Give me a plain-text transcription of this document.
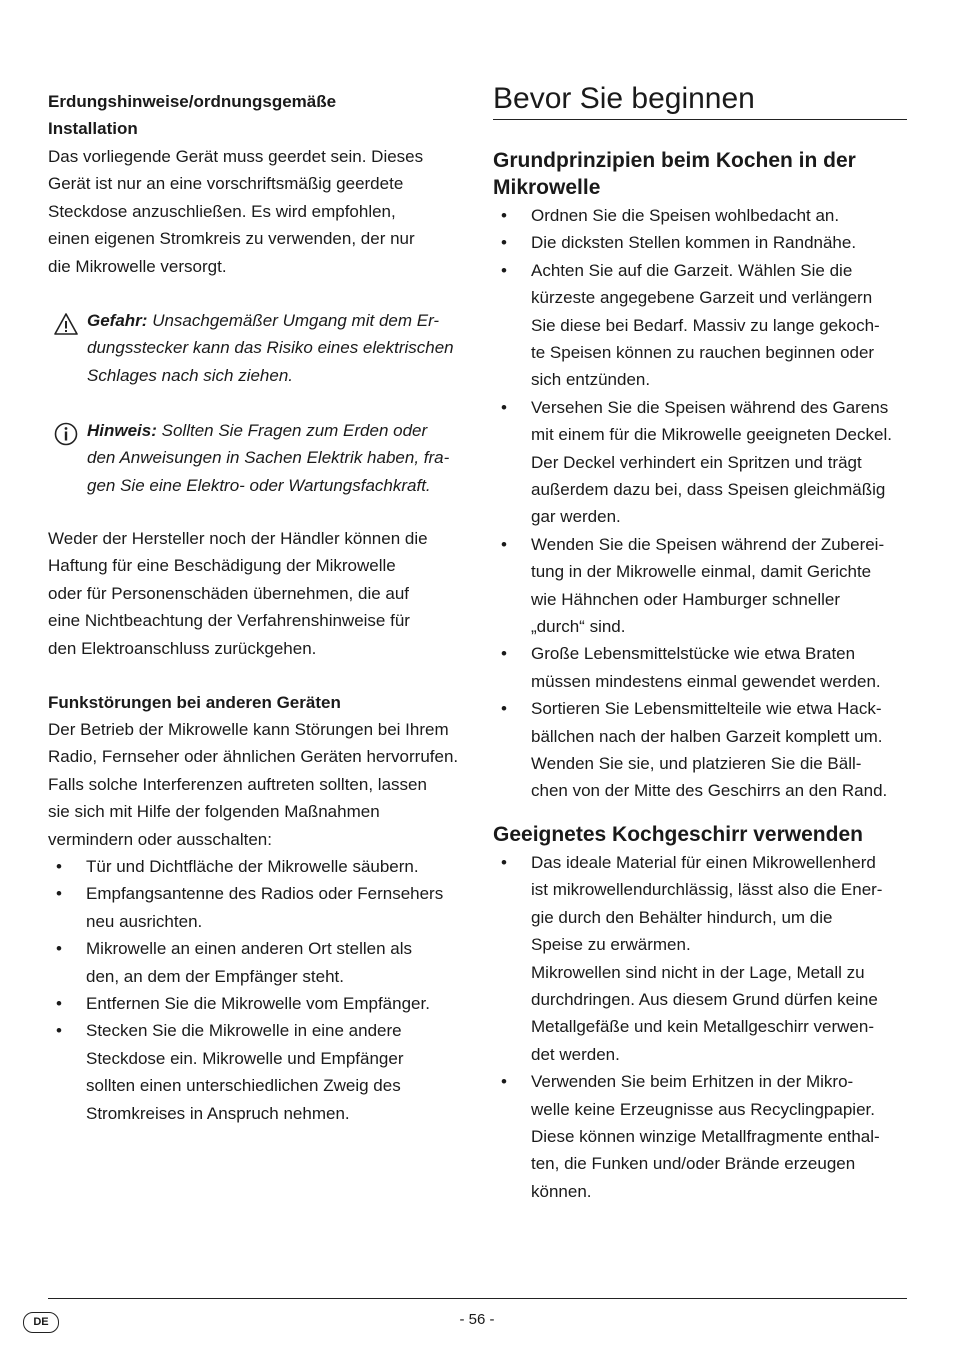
Erdungshinweise/ordnungsgemäße
Installation
Das vorliegende Gerät muss geerdet sein. Dieses
Gerät ist nur an eine vorschriftsmäßig geerdete
Steckdose anzuschließen. Es wird empfohlen,
einen eigenen Stromkreis zu verwenden, der nur
die Mikrowelle versorgt.
Gefahr: Unsachgemäßer Umgang mit dem Er-
dungsstecker kann das Risiko eines elektrischen
Schlages nach sich ziehen.
Hinweis: Sollten Sie Fragen zum Erden oder
den Anweisungen in Sachen Elektrik haben, fra-
gen Sie eine Elektro- oder Wartungsfachkraft.
Weder der Hersteller noch der Händler können die
Haftung für eine Beschädigung der Mikrowelle
oder für Personenschäden übernehmen, die auf
eine Nichtbeachtung der Verfahrenshinweise für
den Elektroanschluss zurückgehen.
Funkstörungen bei anderen Geräten
Der Betrieb der Mikrowelle kann Störungen bei Ihrem
Radio, Fernseher oder ähnlichen Geräten hervorrufen.
Falls solche Interferenzen auftreten sollten, lassen
sie sich mit Hilfe der folgenden Maßnahmen
vermindern oder ausschalten:
• Tür und Dichtfläche der Mikrowelle säubern.
• Empfangsantenne des Radios oder Fernsehers
neu ausrichten.
• Mikrowelle an einen anderen Ort stellen als
den, an dem der Empfänger steht.
• Entfernen Sie die Mikrowelle vom Empfänger.
• Stecken Sie die Mikrowelle in eine andere
Steckdose ein. Mikrowelle und Empfänger
sollten einen unterschiedlichen Zweig des
Stromkreises in Anspruch nehmen.
Bevor Sie beginnen
Grundprinzipien beim Kochen in der
Mikrowelle
• Ordnen Sie die Speisen wohlbedacht an.
• Die dicksten Stellen kommen in Randnähe.
• Achten Sie auf die Garzeit. Wählen Sie die
kürzeste angegebene Garzeit und verlängern
Sie diese bei Bedarf. Massiv zu lange gekoch-
te Speisen können zu rauchen beginnen oder
sich entzünden.
• Versehen Sie die Speisen während des Garens
mit einem für die Mikrowelle geeigneten Deckel.
Der Deckel verhindert ein Spritzen und trägt
außerdem dazu bei, dass Speisen gleichmäßig
gar werden.
• Wenden Sie die Speisen während der Zuberei-
tung in der Mikrowelle einmal, damit Gerichte
wie Hähnchen oder Hamburger schneller
„durch“ sind.
• Große Lebensmittelstücke wie etwa Braten
müssen mindestens einmal gewendet werden.
• Sortieren Sie Lebensmittelteile wie etwa Hack-
bällchen nach der halben Garzeit komplett um.
Wenden Sie sie, und platzieren Sie die Bäll-
chen von der Mitte des Geschirrs an den Rand.
Geeignetes Kochgeschirr verwenden
• Das ideale Material für einen Mikrowellenherd
ist mikrowellendurchlässig, lässt also die Ener-
gie durch den Behälter hindurch, um die
Speise zu erwärmen.
Mikrowellen sind nicht in der Lage, Metall zu
durchdringen. Aus diesem Grund dürfen keine
Metallgefäße und kein Metallgeschirr verwen-
det werden.
• Verwenden Sie beim Erhitzen in der Mikro-
welle keine Erzeugnisse aus Recyclingpapier.
Diese können winzige Metallfragmente enthal-
ten, die Funken und/oder Brände erzeugen
können.
DE	- 56 -
